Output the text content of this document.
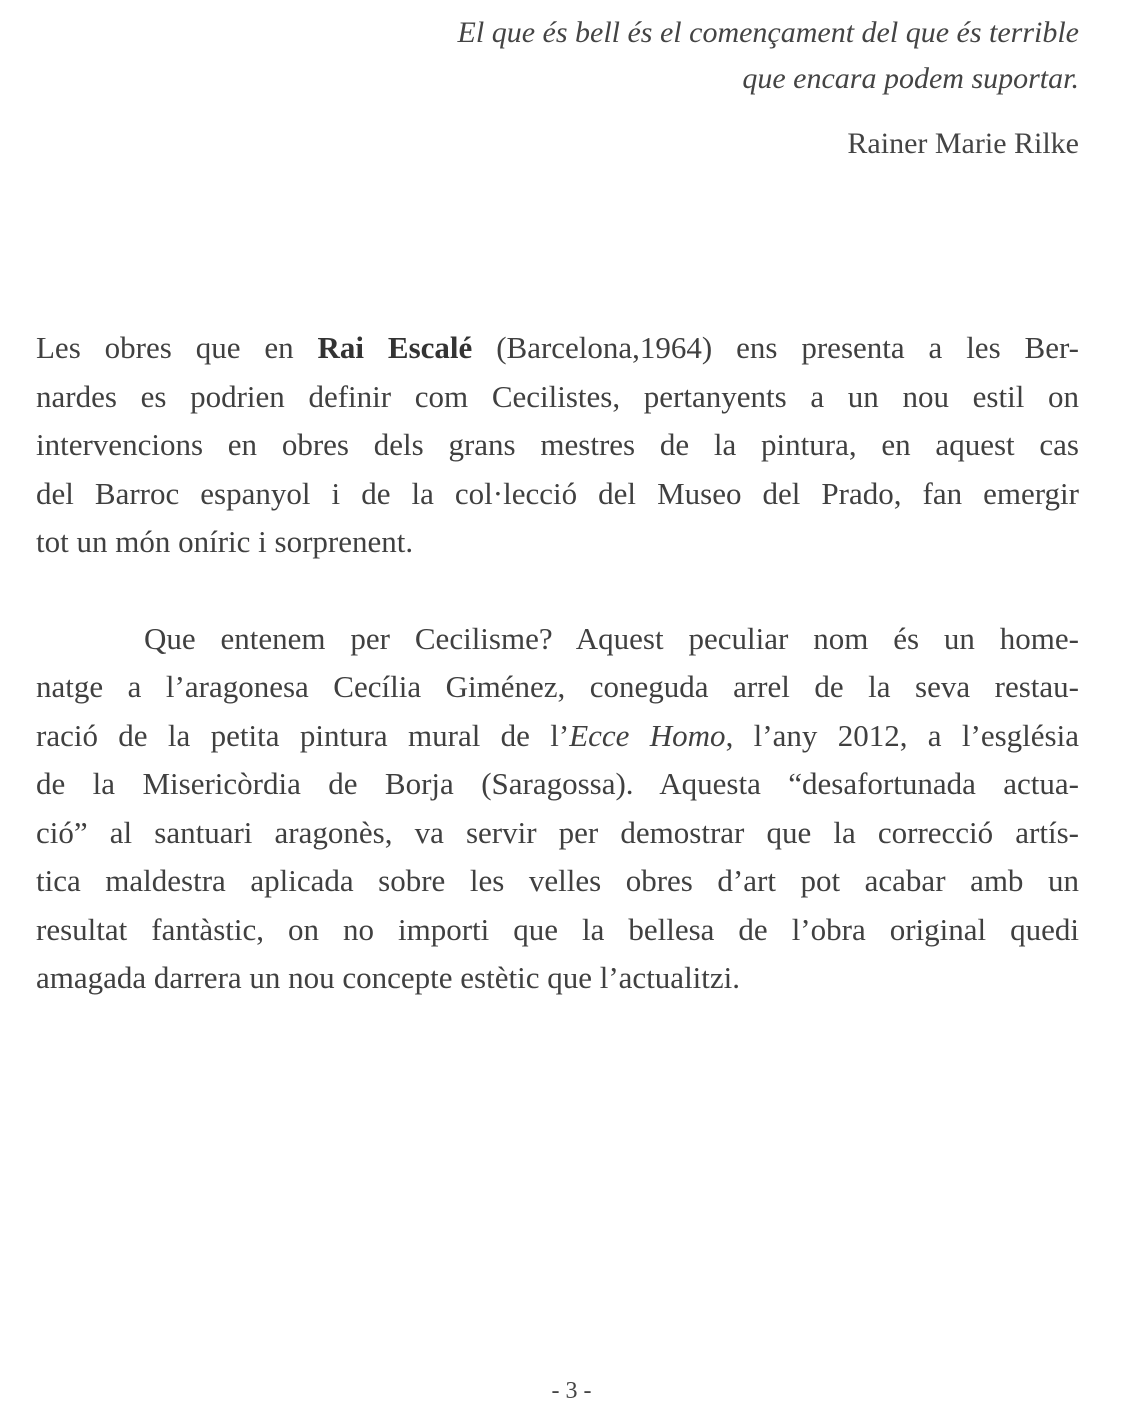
El que és bell és el començament del que és terrible
que encara podem suportar.
Rainer Marie Rilke
Les obres que en Rai Escalé (Barcelona,1964) ens presenta a les Ber-
nardes es podrien definir com Cecilistes, pertanyents a un nou estil on
intervencions en obres dels grans mestres de la pintura, en aquest cas
del Barroc espanyol i de la col·lecció del Museo del Prado, fan emergir
tot un món oníric i sorprenent.
Que entenem per Cecilisme? Aquest peculiar nom és un home-
natge a l’aragonesa Cecília Giménez, coneguda arrel de la seva restau-
ració de la petita pintura mural de l’Ecce Homo, l’any 2012, a l’església
de la Misericòrdia de Borja (Saragossa). Aquesta “desafortunada actua-
ció” al santuari aragonès, va servir per demostrar que la correcció artís-
tica maldestra aplicada sobre les velles obres d’art pot acabar amb un
resultat fantàstic, on no importi que la bellesa de l’obra original quedi
amagada darrera un nou concepte estètic que l’actualitzi.
- 3 -
